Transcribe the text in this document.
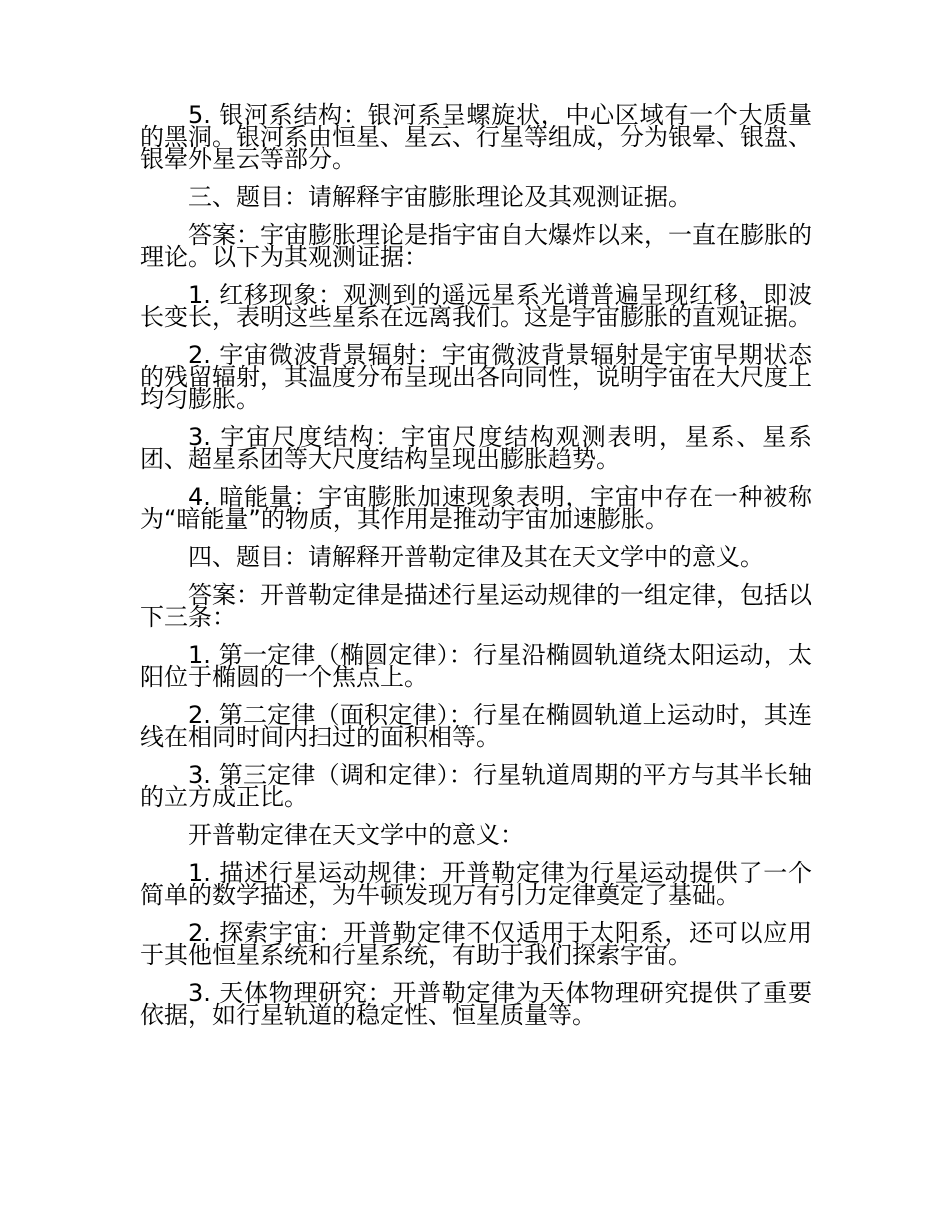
5. 银河系结构：银河系呈螺旋状，中心区域有一个大质量的黑洞。银河系由恒星、星云、行星等组成，分为银晕、银盘、银晕外星云等部分。

三、题目：请解释宇宙膨胀理论及其观测证据。

答案：宇宙膨胀理论是指宇宙自大爆炸以来，一直在膨胀的理论。以下为其观测证据：

1. 红移现象：观测到的遥远星系光谱普遍呈现红移，即波长变长，表明这些星系在远离我们。这是宇宙膨胀的直观证据。

2. 宇宙微波背景辐射：宇宙微波背景辐射是宇宙早期状态的残留辐射，其温度分布呈现出各向同性，说明宇宙在大尺度上均匀膨胀。

3. 宇宙尺度结构：宇宙尺度结构观测表明，星系、星系团、超星系团等大尺度结构呈现出膨胀趋势。

4. 暗能量：宇宙膨胀加速现象表明，宇宙中存在一种被称为“暗能量”的物质，其作用是推动宇宙加速膨胀。

四、题目：请解释开普勒定律及其在天文学中的意义。

答案：开普勒定律是描述行星运动规律的一组定律，包括以下三条：

1. 第一定律（椭圆定律）：行星沿椭圆轨道绕太阳运动，太阳位于椭圆的一个焦点上。

2. 第二定律（面积定律）：行星在椭圆轨道上运动时，其连线在相同时间内扫过的面积相等。

3. 第三定律（调和定律）：行星轨道周期的平方与其半长轴的立方成正比。

开普勒定律在天文学中的意义：

1. 描述行星运动规律：开普勒定律为行星运动提供了一个简单的数学描述，为牛顿发现万有引力定律奠定了基础。

2. 探索宇宙：开普勒定律不仅适用于太阳系，还可以应用于其他恒星系统和行星系统，有助于我们探索宇宙。

3. 天体物理研究：开普勒定律为天体物理研究提供了重要依据，如行星轨道的稳定性、恒星质量等。
